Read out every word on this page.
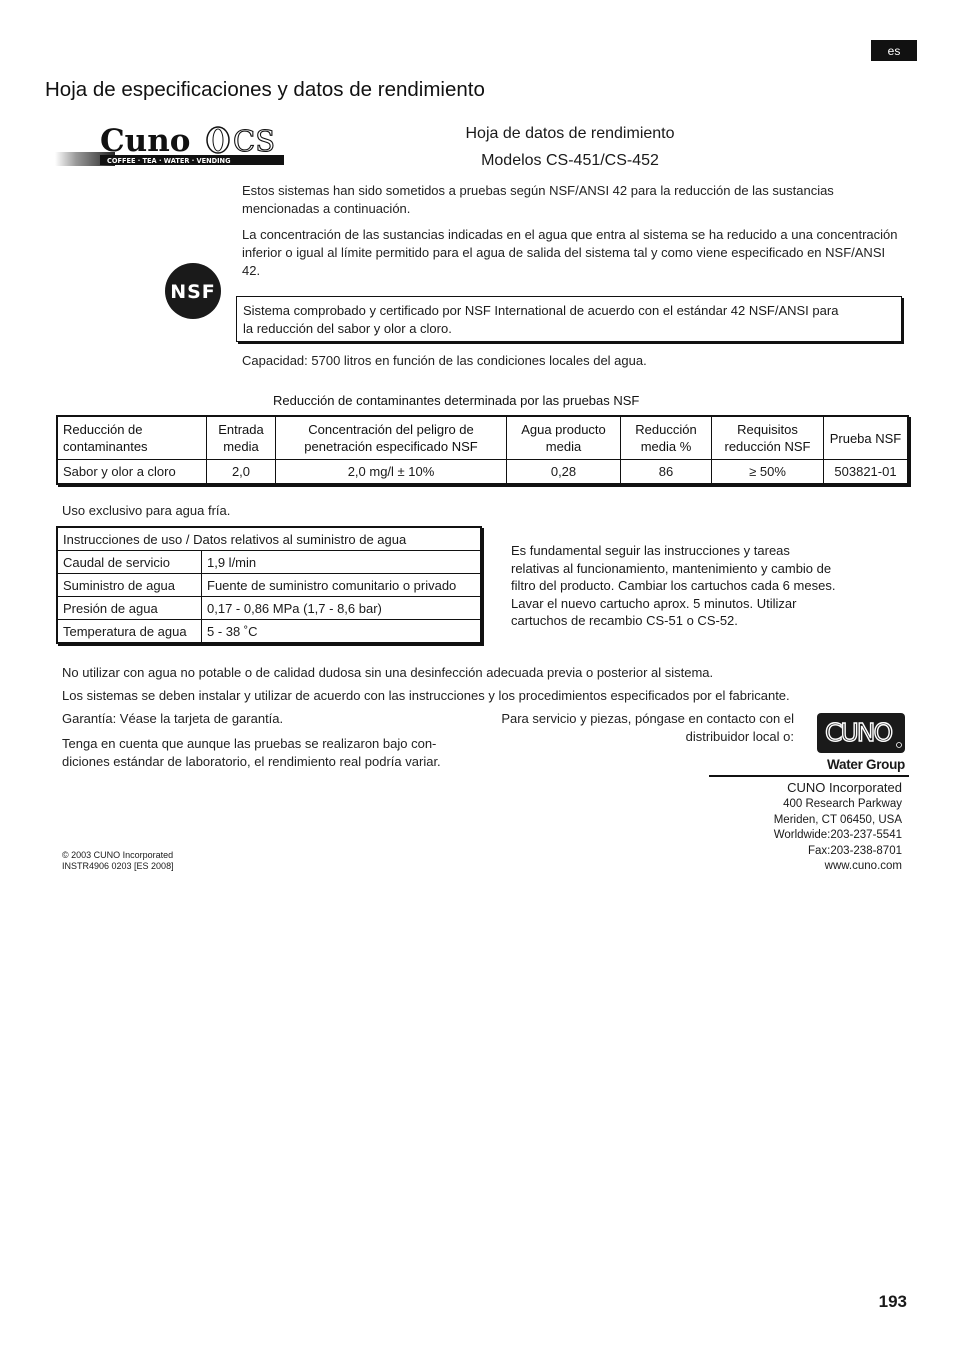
es
Hoja de especificaciones y datos de rendimiento
Cuno CS
COFFEE · TEA · WATER · VENDING
Hoja de datos de rendimiento
Modelos CS-451/CS-452
Estos sistemas han sido sometidos a pruebas según NSF/ANSI 42 para la reducción de las sustancias mencionadas a continuación.
La concentración de las sustancias indicadas en el agua que entra al sistema se ha reducido a una concentración inferior o igual al límite permitido para el agua de salida del sistema tal y como viene especificado en NSF/ANSI 42.
NSF
Sistema comprobado y certificado por NSF International de acuerdo con el estándar 42 NSF/ANSI para la reducción del sabor y olor a cloro.
Capacidad: 5700 litros en función de las condiciones locales del agua.
Reducción de contaminantes determinada por las pruebas NSF
Reducción de contaminantes	Entrada media	Concentración del peligro de penetración especificado NSF	Agua producto media	Reducción media %	Requisitos reducción NSF	Prueba NSF
Sabor y olor a cloro	2,0	2,0 mg/l ± 10%	0,28	86	≥ 50%	503821-01
Uso exclusivo para agua fría.
Instrucciones de uso / Datos relativos al suministro de agua	
Caudal de servicio	1,9 l/min
Suministro de agua	Fuente de suministro comunitario o privado
Presión de agua	0,17 - 0,86 MPa (1,7 - 8,6 bar)
Temperatura de agua	5 - 38 ˚C
Es fundamental seguir las instrucciones y tareas relativas al funcionamiento, mantenimiento y cambio de filtro del producto. Cambiar los cartuchos cada 6 meses. Lavar el nuevo cartucho aprox. 5 minutos. Utilizar cartuchos de recambio CS-51 o CS-52.
No utilizar con agua no potable o de calidad dudosa sin una desinfección adecuada previa o posterior al sistema.
Los sistemas se deben instalar y utilizar de acuerdo con las instrucciones y los procedimientos especificados por el fabricante.
Garantía: Véase la tarjeta de garantía.
Tenga en cuenta que aunque las pruebas se realizaron bajo con-diciones estándar de laboratorio, el rendimiento real podría variar.
Para servicio y piezas, póngase en contacto con el distribuidor local o: CUNO
Water Group
CUNO Incorporated
400 Research Parkway
Meriden, CT 06450, USA
Worldwide:203-237-5541
Fax:203-238-8701
www.cuno.com
© 2003 CUNO Incorporated
INSTR4906 0203 [ES 2008]
193
